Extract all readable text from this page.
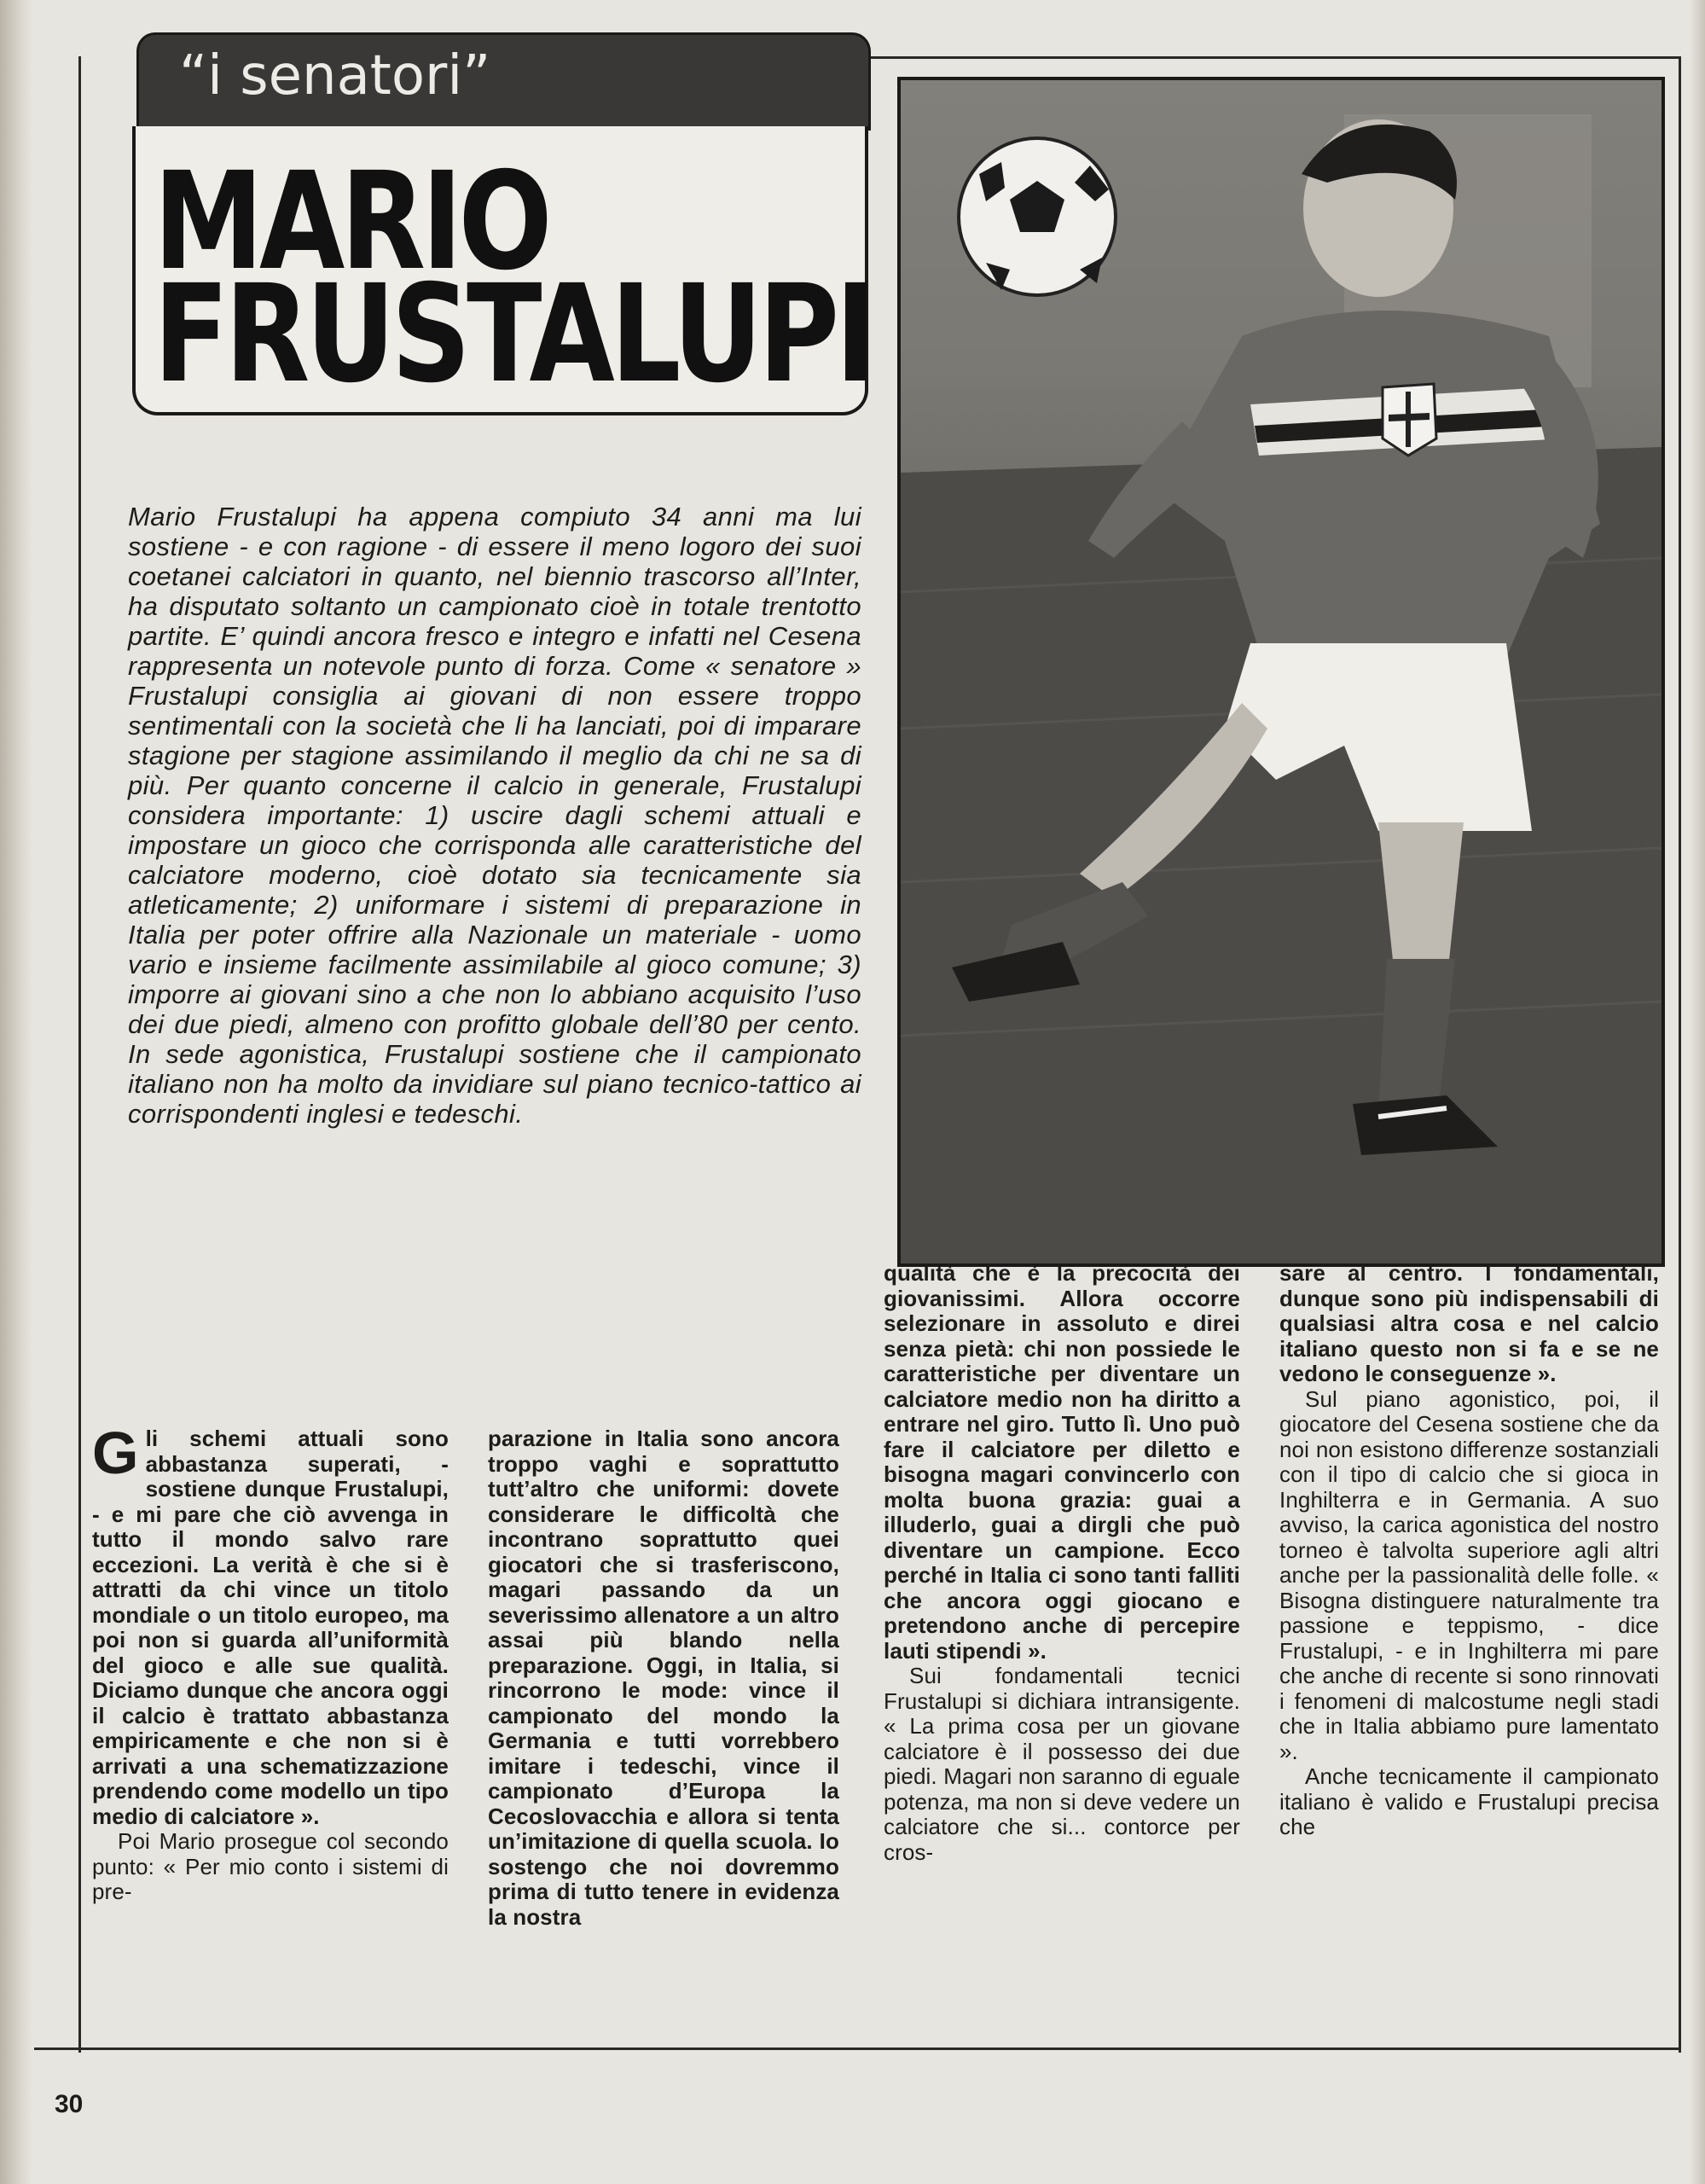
“i senatori”
MARIO
FRUSTALUPI
Mario Frustalupi ha appena compiuto 34 anni ma lui sostiene - e con ragione - di essere il meno logoro dei suoi coetanei calciatori in quanto, nel biennio trascorso all’Inter, ha disputato soltanto un campionato cioè in totale trentotto partite. E’ quindi ancora fresco e integro e infatti nel Cesena rappresenta un notevole punto di forza. Come « senatore » Frustalupi consiglia ai giovani di non essere troppo sentimentali con la società che li ha lanciati, poi di imparare stagione per stagione assimilando il meglio da chi ne sa di più. Per quanto concerne il calcio in generale, Frustalupi considera importante: 1) uscire dagli schemi attuali e impostare un gioco che corrisponda alle caratteristiche del calciatore moderno, cioè dotato sia tecnicamente sia atleticamente; 2) uniformare i sistemi di preparazione in Italia per poter offrire alla Nazionale un materiale - uomo vario e insieme facilmente assimilabile al gioco comune; 3) imporre ai giovani sino a che non lo abbiano acquisito l’uso dei due piedi, almeno con profitto globale dell’80 per cento. In sede agonistica, Frustalupi sostiene che il campionato italiano non ha molto da invidiare sul piano tecnico-tattico ai corrispondenti inglesi e tedeschi.

Gli schemi attuali sono abbastanza superati, - sostiene dunque Frustalupi, - e mi pare che ciò avvenga in tutto il mondo salvo rare eccezioni. La verità è che si è attratti da chi vince un titolo mondiale o un titolo europeo, ma poi non si guarda all’uniformità del gioco e alle sue qualità. Diciamo dunque che ancora oggi il calcio è trattato abbastanza empiricamente e che non si è arrivati a una schematizzazione prendendo come modello un tipo medio di calciatore ».

Poi Mario prosegue col secondo punto: « Per mio conto i sistemi di pre-

parazione in Italia sono ancora troppo vaghi e soprattutto tutt’altro che uniformi: dovete considerare le difficoltà che incontrano soprattutto quei giocatori che si trasferiscono, magari passando da un severissimo allenatore a un altro assai più blando nella preparazione. Oggi, in Italia, si rincorrono le mode: vince il campionato del mondo la Germania e tutti vorrebbero imitare i tedeschi, vince il campionato d’Europa la Cecoslovacchia e allora si tenta un’imitazione di quella scuola. Io sostengo che noi dovremmo prima di tutto tenere in evidenza la nostra

qualità che è la precocità dei giovanissimi. Allora occorre selezionare in assoluto e direi senza pietà: chi non possiede le caratteristiche per diventare un calciatore medio non ha diritto a entrare nel giro. Tutto lì. Uno può fare il calciatore per diletto e bisogna magari convincerlo con molta buona grazia: guai a illuderlo, guai a dirgli che può diventare un campione. Ecco perché in Italia ci sono tanti falliti che ancora oggi giocano e pretendono anche di percepire lauti stipendi ».

Sui fondamentali tecnici Frustalupi si dichiara intransigente. « La prima cosa per un giovane calciatore è il possesso dei due piedi. Magari non saranno di eguale potenza, ma non si deve vedere un calciatore che si... contorce per cros-

sare al centro. I fondamentali, dunque sono più indispensabili di qualsiasi altra cosa e nel calcio italiano questo non si fa e se ne vedono le conseguenze ».

Sul piano agonistico, poi, il giocatore del Cesena sostiene che da noi non esistono differenze sostanziali con il tipo di calcio che si gioca in Inghilterra e in Germania. A suo avviso, la carica agonistica del nostro torneo è talvolta superiore agli altri anche per la passionalità delle folle. « Bisogna distinguere naturalmente tra passione e teppismo, - dice Frustalupi, - e in Inghilterra mi pare che anche di recente si sono rinnovati i fenomeni di malcostume negli stadi che in Italia abbiamo pure lamentato ».

Anche tecnicamente il campionato italiano è valido e Frustalupi precisa che

30
